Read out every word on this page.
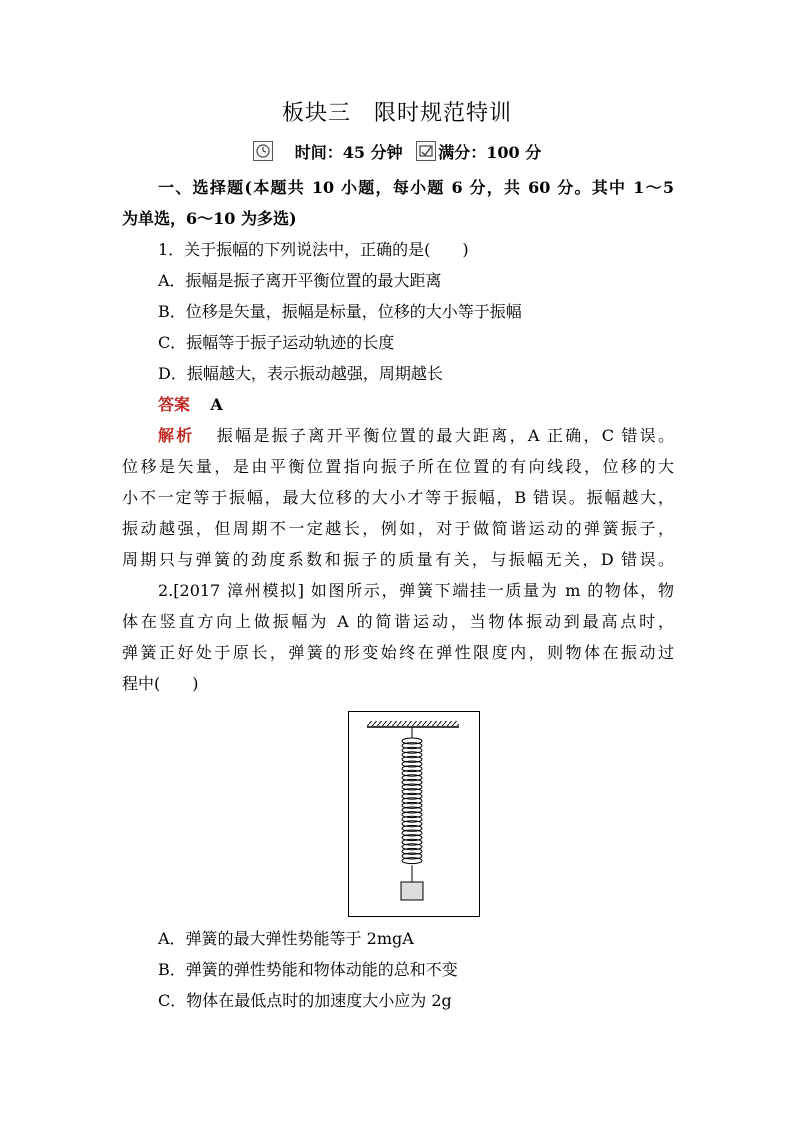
板块三　限时规范特训
时间：45 分钟 满分：100 分

一、选择题(本题共 10 小题，每小题 6 分，共 60 分。其中 1～5

为单选，6～10 为多选)

1．关于振幅的下列说法中，正确的是(　　)

A．振幅是振子离开平衡位置的最大距离

B．位移是矢量，振幅是标量，位移的大小等于振幅

C．振幅等于振子运动轨迹的长度

D．振幅越大，表示振动越强，周期越长

答案 A

解析 振幅是振子离开平衡位置的最大距离，A 正确，C 错误。

位移是矢量，是由平衡位置指向振子所在位置的有向线段，位移的大

小不一定等于振幅，最大位移的大小才等于振幅，B 错误。振幅越大，

振动越强，但周期不一定越长，例如，对于做简谐运动的弹簧振子，

周期只与弹簧的劲度系数和振子的质量有关，与振幅无关，D 错误。

2.[2017 漳州模拟] 如图所示，弹簧下端挂一质量为 m 的物体，物

体在竖直方向上做振幅为 A 的简谐运动，当物体振动到最高点时，

弹簧正好处于原长，弹簧的形变始终在弹性限度内，则物体在振动过

程中(　　)

A．弹簧的最大弹性势能等于 2mgA

B．弹簧的弹性势能和物体动能的总和不变

C．物体在最低点时的加速度大小应为 2g
